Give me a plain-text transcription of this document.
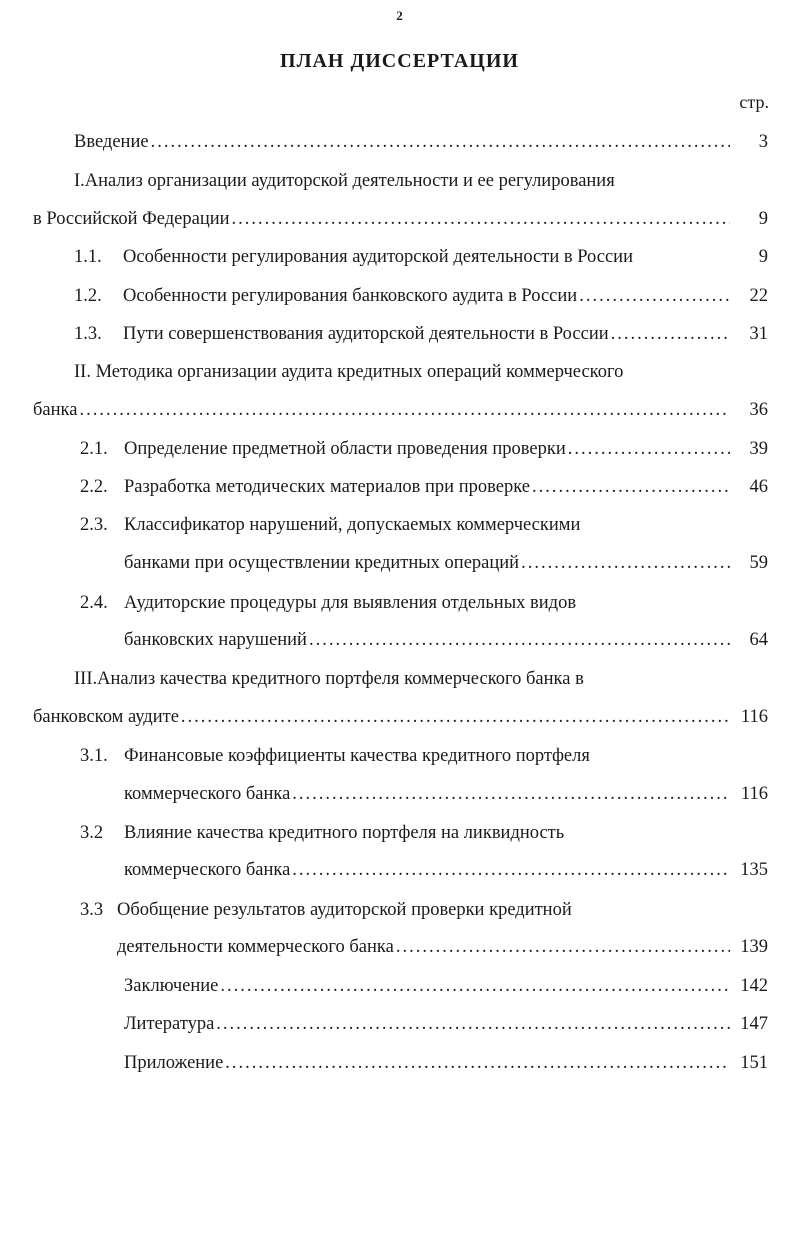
2
ПЛАН ДИССЕРТАЦИИ
стр.
Введение .....	3
I.Анализ организации аудиторской деятельности и ее регулирования
в Российской Федерации .....	9
1.1.	Особенности регулирования аудиторской деятельности в России	9
1.2.	Особенности регулирования банковского аудита в России .....	22
1.3.	Пути совершенствования аудиторской деятельности в России .....	31
II. Методика организации аудита кредитных операций коммерческого
банка .....	36
2.1. Определение предметной области проведения проверки .....	39
2.2. Разработка методических материалов при проверке .....	46
2.3. Классификатор нарушений, допускаемых коммерческими
банками при осуществлении кредитных операций .....	59
2.4. Аудиторские процедуры для выявления отдельных видов
банковских нарушений .....	64
III.Анализ качества кредитного портфеля коммерческого банка в
банковском аудите .....	116
3.1. Финансовые коэффициенты качества кредитного портфеля
коммерческого банка .....	116
3.2 Влияние качества кредитного портфеля на ликвидность
коммерческого банка .....	135
3.3 Обобщение результатов аудиторской проверки кредитной
деятельности коммерческого банка .....	139
Заключение .....	142
Литература .....	147
Приложение .....	151
